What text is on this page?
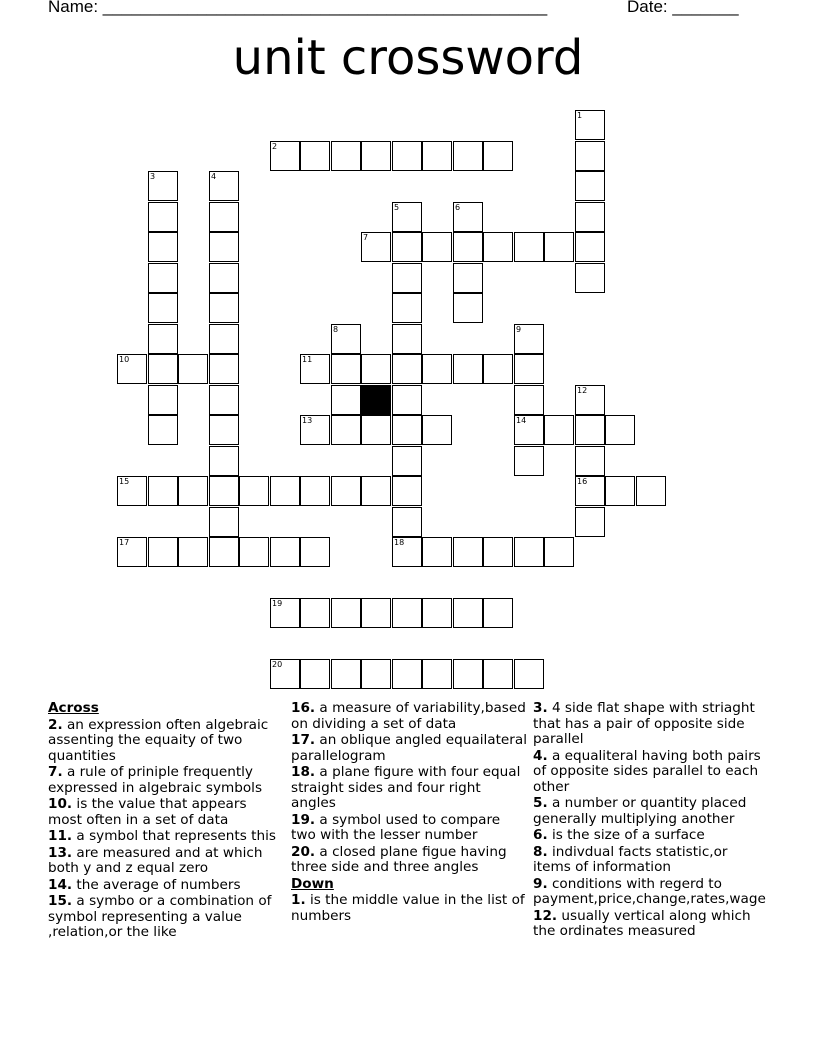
Name: _______________________________________________	Date: _______
unit crossword
1
2
3	4
5
18
6
7
8	9
14
10	11
12
16
13
15
17
19
20
Across
2. an expression often algebraic assenting the equaity of two quantities
7. a rule of priniple frequently expressed in algebraic symbols
10. is the value that appears most often in a set of data
11. a symbol that represents this
13. are measured and at which both y and z equal zero
14. the average of numbers
15. a symbo or a combination of symbol representing a value ,relation,or the like
16. a measure of variability,based on dividing a set of data
17. an oblique angled equailateral parallelogram
18. a plane figure with four equal straight sides and four right angles
19. a symbol used to compare two with the lesser number
20. a closed plane figue having three side and three angles
Down
1. is the middle value in the list of numbers
3. 4 side flat shape with striaght that has a pair of opposite side parallel
4. a equaliteral having both pairs of opposite sides parallel to each other
5. a number or quantity placed generally multiplying another
6. is the size of a surface
8. indivdual facts statistic,or items of information
9. conditions with regerd to payment,price,change,rates,wage
12. usually vertical along which the ordinates measured
